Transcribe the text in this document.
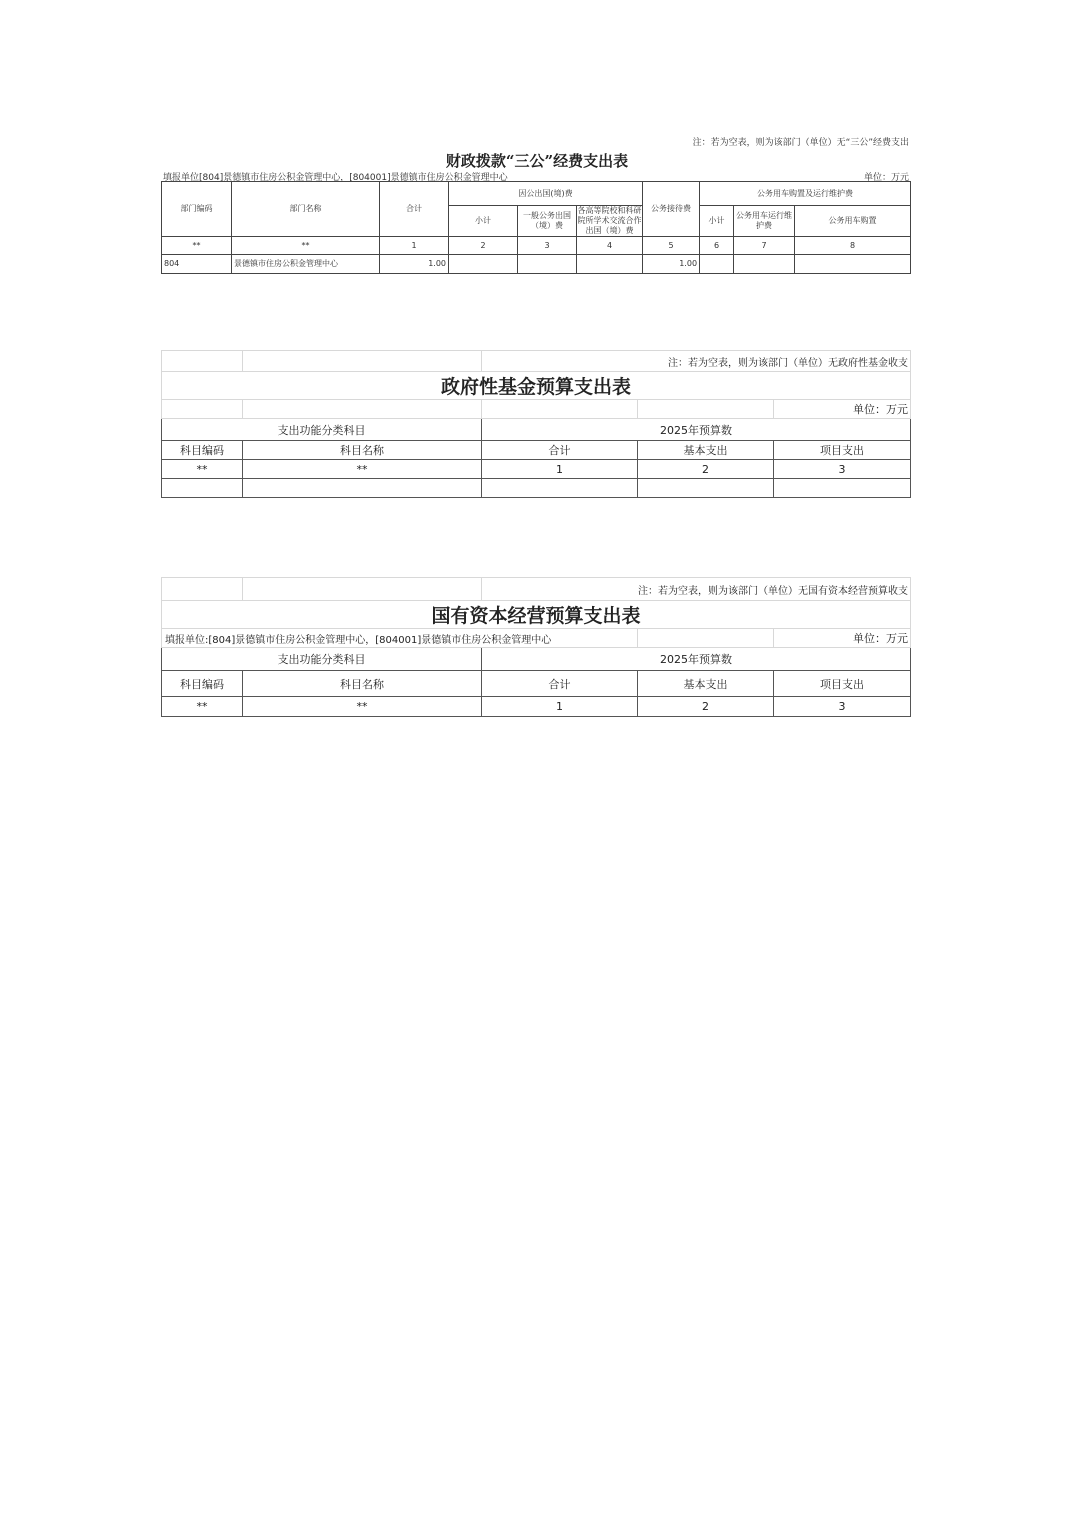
注：若为空表，则为该部门（单位）无“三公”经费支出
财政拨款“三公”经费支出表
填报单位[804]景德镇市住房公积金管理中心，[804001]景德镇市住房公积金管理中心	单位：万元
部门编码	部门名称	合计	因公出国(境)费			公务接待费	公务用车购置及运行维护费		
			小计	一般公务出国（境）费	各高等院校和科研院所学术交流合作出国（境）费		小计	公务用车运行维护费	公务用车购置
**	**	1	2	3	4	5	6	7	8
804	景德镇市住房公积金管理中心	1.00				1.00			
		注：若为空表，则为该部门（单位）无政府性基金收支		
政府性基金预算支出表				
				单位：万元
支出功能分类科目		2025年预算数		
科目编码	科目名称	合计	基本支出	项目支出
**	**	1	2	3

		注：若为空表，则为该部门（单位）无国有资本经营预算收支		
国有资本经营预算支出表				
填报单位:[804]景德镇市住房公积金管理中心，[804001]景德镇市住房公积金管理中心				单位：万元
支出功能分类科目		2025年预算数		
科目编码	科目名称	合计	基本支出	项目支出
**	**	1	2	3
